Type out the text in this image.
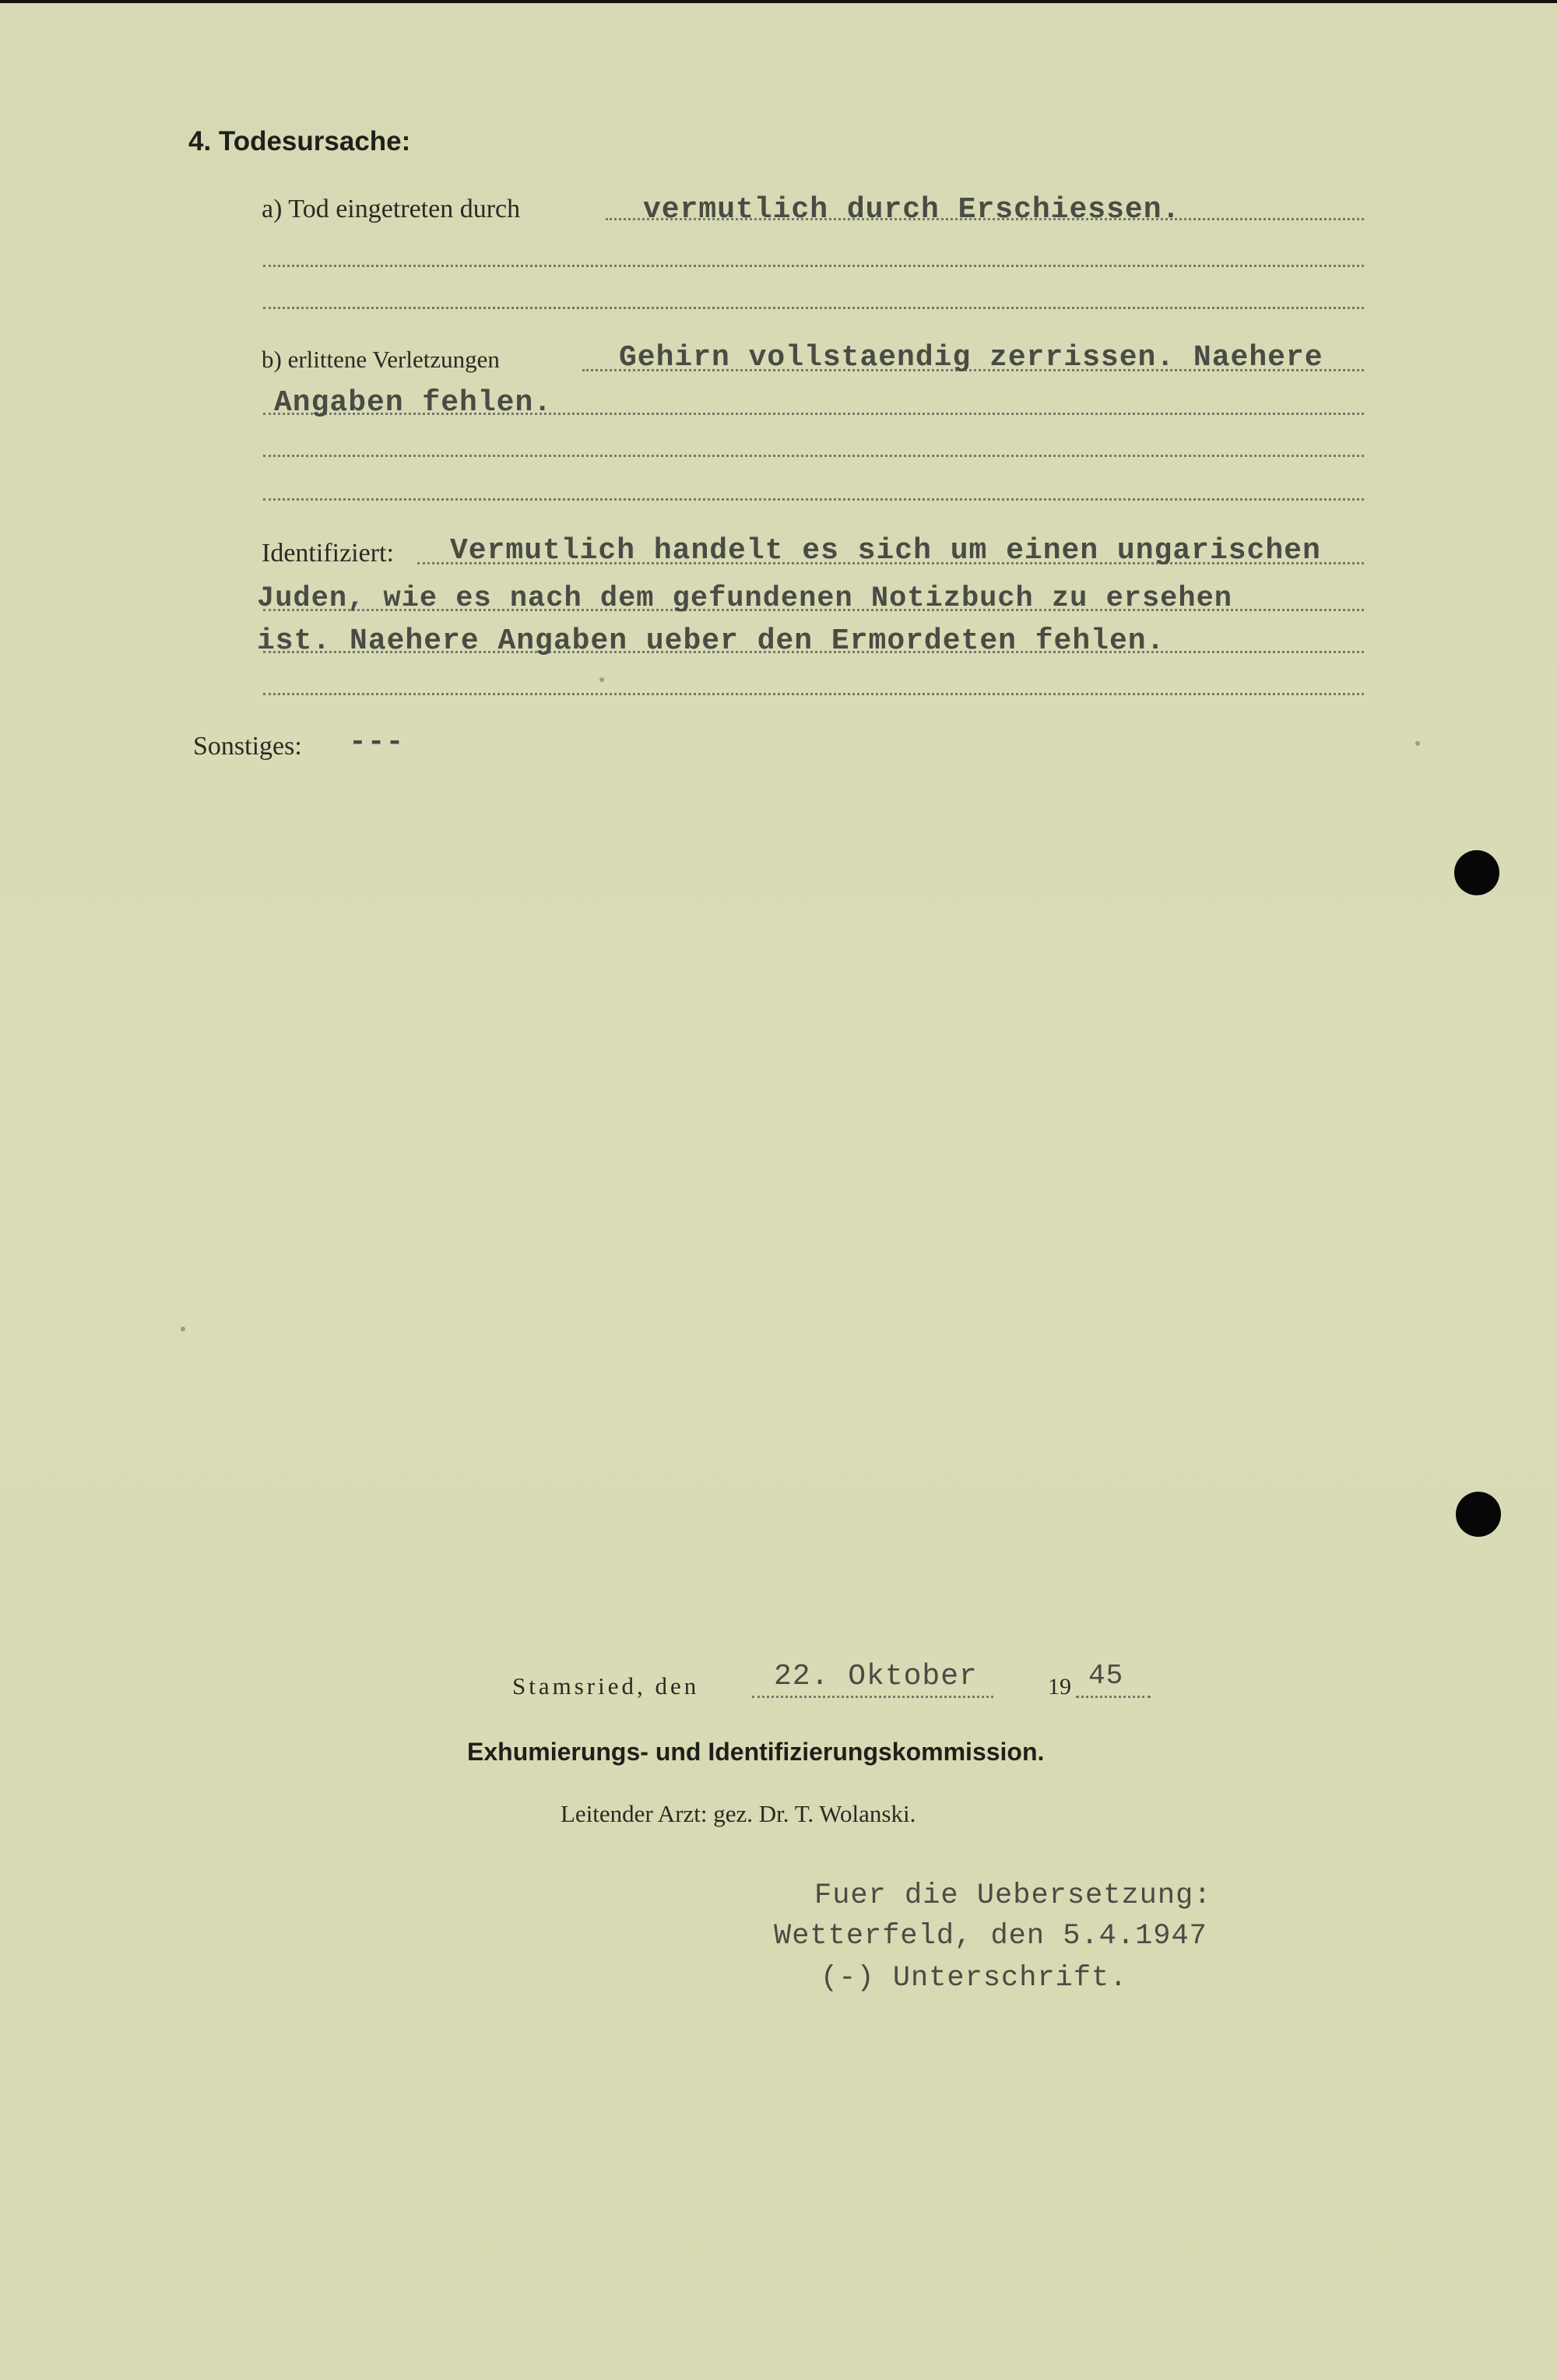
4. Todesursache:
a) Tod eingetreten durch	vermutlich durch Erschiessen.
b) erlittene Verletzungen	Gehirn vollstaendig zerrissen. Naehere
Angaben fehlen.
Identifiziert: Vermutlich handelt es sich um einen ungarischen
Juden, wie es nach dem gefundenen Notizbuch zu ersehen
ist. Naehere Angaben ueber den Ermordeten fehlen.
Sonstiges: ---
Stamsried, den	22. Oktober	19 45
Exhumierungs- und Identifizierungskommission.
Leitender Arzt: gez. Dr. T. Wolanski.
Fuer die Uebersetzung:
Wetterfeld, den 5.4.1947
(-) Unterschrift.
